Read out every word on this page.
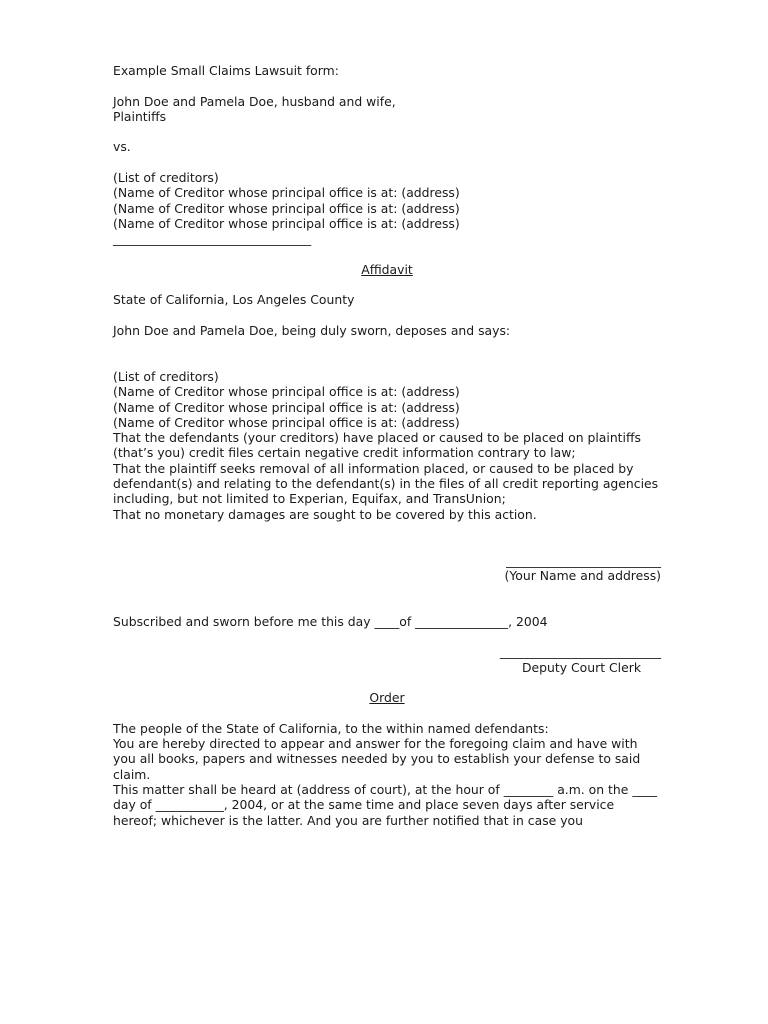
Example Small Claims Lawsuit form:
John Doe and Pamela Doe, husband and wife,
Plaintiffs
vs.
(List of creditors)
(Name of Creditor whose principal office is at: (address)
(Name of Creditor whose principal office is at: (address)
(Name of Creditor whose principal office is at: (address)
________________________________
Affidavit
State of California, Los Angeles County
John Doe and Pamela Doe, being duly sworn, deposes and says:
(List of creditors)
(Name of Creditor whose principal office is at: (address)
(Name of Creditor whose principal office is at: (address)
(Name of Creditor whose principal office is at: (address)

That the defendants (your creditors) have placed or caused to be placed on plaintiffs (that’s you) credit files certain negative credit information contrary to law;

That the plaintiff seeks removal of all information placed, or caused to be placed by defendant(s) and relating to the defendant(s) in the files of all credit reporting agencies including, but not limited to Experian, Equifax, and TransUnion;

That no monetary damages are sought to be covered by this action.

_________________________
(Your Name and address)
Subscribed and sworn before me this day ____of _______________, 2004
__________________________
Deputy Court Clerk
Order
The people of the State of California, to the within named defendants:

You are hereby directed to appear and answer for the foregoing claim and have with you all books, papers and witnesses needed by you to establish your defense to said claim.

This matter shall be heard at (address of court), at the hour of ________ a.m. on the ____ day of ___________, 2004, or at the same time and place seven days after service hereof; whichever is the latter. And you are further notified that in case you
